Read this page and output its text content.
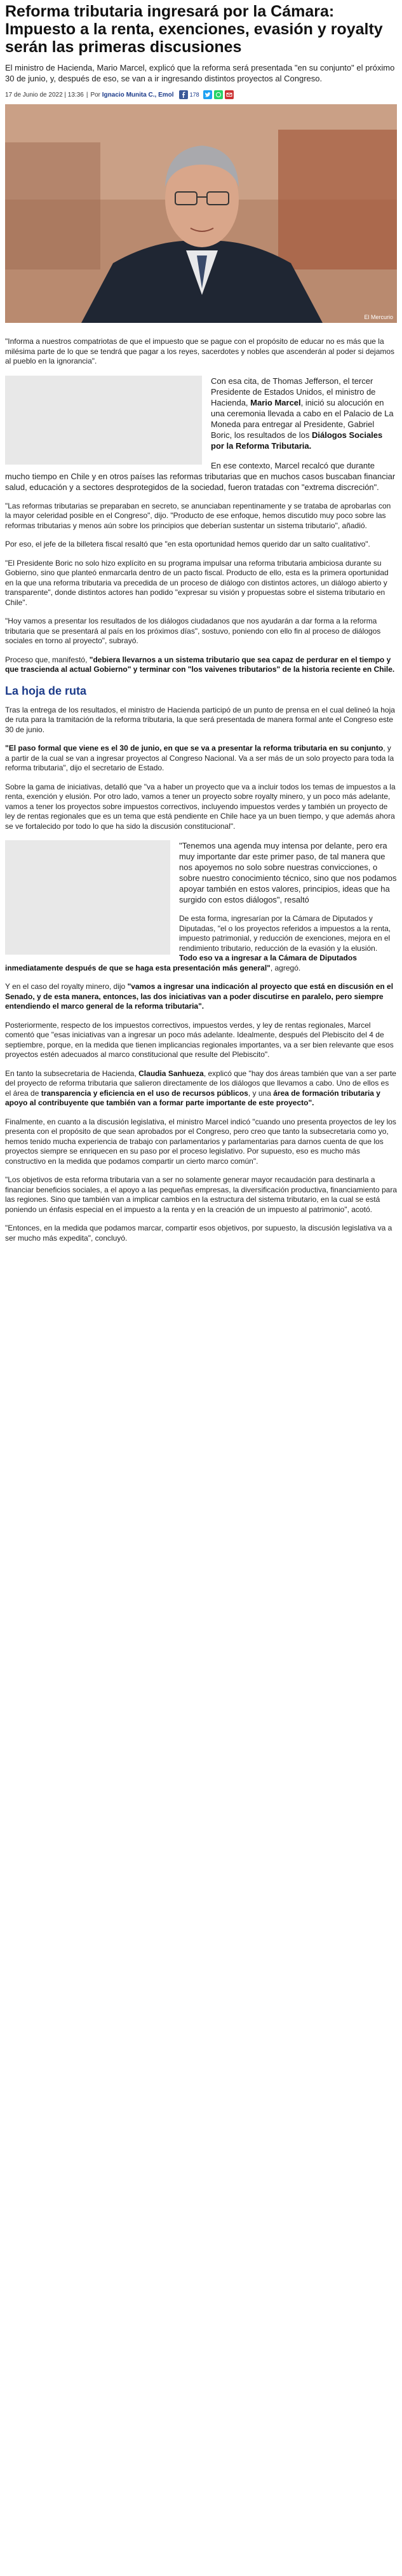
Reforma tributaria ingresará por la Cámara: Impuesto a la renta, exenciones, evasión y royalty serán las primeras discusiones

El ministro de Hacienda, Mario Marcel, explicó que la reforma será presentada "en su conjunto" el próximo 30 de junio, y, después de eso, se van a ir ingresando distintos proyectos al Congreso.

17 de Junio de 2022 | 13:36 | Por
Ignacio Munita C., Emol	178
El Mercurio

"Informa a nuestros compatriotas de que el impuesto que se pague con el propósito de educar no es más que la milésima parte de lo que se tendrá que pagar a los reyes, sacerdotes y nobles que ascenderán al poder si dejamos al pueblo en la ignorancia".

Con esa cita, de Thomas Jefferson, el tercer Presidente de Estados Unidos, el ministro de Hacienda, Mario Marcel, inició su alocución en una ceremonia llevada a cabo en el Palacio de La Moneda para entregar al Presidente, Gabriel Boric, los resultados de los Diálogos Sociales por la Reforma Tributaria.

En ese contexto, Marcel recalcó que durante mucho tiempo en Chile y en otros países las reformas tributarias que en muchos casos buscaban financiar salud, educación y a sectores desprotegidos de la sociedad, fueron tratadas con "extrema discreción".

"Las reformas tributarias se preparaban en secreto, se anunciaban repentinamente y se trataba de aprobarlas con la mayor celeridad posible en el Congreso", dijo. "Producto de ese enfoque, hemos discutido muy poco sobre las reformas tributarias y menos aún sobre los principios que deberían sustentar un sistema tributario", añadió.

Por eso, el jefe de la billetera fiscal resaltó que "en esta oportunidad hemos querido dar un salto cualitativo".

"El Presidente Boric no solo hizo explícito en su programa impulsar una reforma tributaria ambiciosa durante su Gobierno, sino que planteó enmarcarla dentro de un pacto fiscal. Producto de ello, esta es la primera oportunidad en la que una reforma tributaria va precedida de un proceso de diálogo con distintos actores, un diálogo abierto y transparente", donde distintos actores han podido "expresar su visión y propuestas sobre el sistema tributario en Chile".

"Hoy vamos a presentar los resultados de los diálogos ciudadanos que nos ayudarán a dar forma a la reforma tributaria que se presentará al país en los próximos días", sostuvo, poniendo con ello fin al proceso de diálogos sociales en torno al proyecto", subrayó.

Proceso que, manifestó, "debiera llevarnos a un sistema tributario que sea capaz de perdurar en el tiempo y que trascienda al actual Gobierno" y terminar con "los vaivenes tributarios" de la historia reciente en Chile.

La hoja de ruta

Tras la entrega de los resultados, el ministro de Hacienda participó de un punto de prensa en el cual delineó la hoja de ruta para la tramitación de la reforma tributaria, la que será presentada de manera formal ante el Congreso este 30 de junio.

"El paso formal que viene es el 30 de junio, en que se va a presentar la reforma tributaria en su conjunto, y a partir de la cual se van a ingresar proyectos al Congreso Nacional. Va a ser más de un solo proyecto para toda la reforma tributaria", dijo el secretario de Estado.

Sobre la gama de iniciativas, detalló que "va a haber un proyecto que va a incluir todos los temas de impuestos a la renta, exención y elusión. Por otro lado, vamos a tener un proyecto sobre royalty minero, y un poco más adelante, vamos a tener los proyectos sobre impuestos correctivos, incluyendo impuestos verdes y también un proyecto de ley de rentas regionales que es un tema que está pendiente en Chile hace ya un buen tiempo, y que además ahora se ve fortalecido por todo lo que ha sido la discusión constitucional".

"Tenemos una agenda muy intensa por delante, pero era muy importante dar este primer paso, de tal manera que nos apoyemos no solo sobre nuestras convicciones, o sobre nuestro conocimiento técnico, sino que nos podamos apoyar también en estos valores, principios, ideas que ha surgido con estos diálogos", resaltó

De esta forma, ingresarían por la Cámara de Diputados y Diputadas, "el o los proyectos referidos a impuestos a la renta, impuesto patrimonial, y reducción de exenciones, mejora en el rendimiento tributario, reducción de la evasión y la elusión. Todo eso va a ingresar a la Cámara de Diputados inmediatamente después de que se haga esta presentación más general", agregó.

Y en el caso del royalty minero, dijo "vamos a ingresar una indicación al proyecto que está en discusión en el Senado, y de esta manera, entonces, las dos iniciativas van a poder discutirse en paralelo, pero siempre entendiendo el marco general de la reforma tributaria".

Posteriormente, respecto de los impuestos correctivos, impuestos verdes, y ley de rentas regionales, Marcel comentó que "esas iniciativas van a ingresar un poco más adelante. Idealmente, después del Plebiscito del 4 de septiembre, porque, en la medida que tienen implicancias regionales importantes, va a ser bien relevante que esos proyectos estén adecuados al marco constitucional que resulte del Plebiscito".

En tanto la subsecretaria de Hacienda, Claudia Sanhueza, explicó que "hay dos áreas también que van a ser parte del proyecto de reforma tributaria que salieron directamente de los diálogos que llevamos a cabo. Uno de ellos es el área de transparencia y eficiencia en el uso de recursos públicos, y una área de formación tributaria y apoyo al contribuyente que también van a formar parte importante de este proyecto".

Finalmente, en cuanto a la discusión legislativa, el ministro Marcel indicó "cuando uno presenta proyectos de ley los presenta con el propósito de que sean aprobados por el Congreso, pero creo que tanto la subsecretaria como yo, hemos tenido mucha experiencia de trabajo con parlamentarios y parlamentarias para darnos cuenta de que los proyectos siempre se enriquecen en su paso por el proceso legislativo. Por supuesto, eso es mucho más constructivo en la medida que podamos compartir un cierto marco común".

"Los objetivos de esta reforma tributaria van a ser no solamente generar mayor recaudación para destinarla a financiar beneficios sociales, a el apoyo a las pequeñas empresas, la diversificación productiva, financiamiento para las regiones. Sino que también van a implicar cambios en la estructura del sistema tributario, en la cual se está poniendo un énfasis especial en el impuesto a la renta y en la creación de un impuesto al patrimonio", acotó.

"Entonces, en la medida que podamos marcar, compartir esos objetivos, por supuesto, la discusión legislativa va a ser mucho más expedita", concluyó.
